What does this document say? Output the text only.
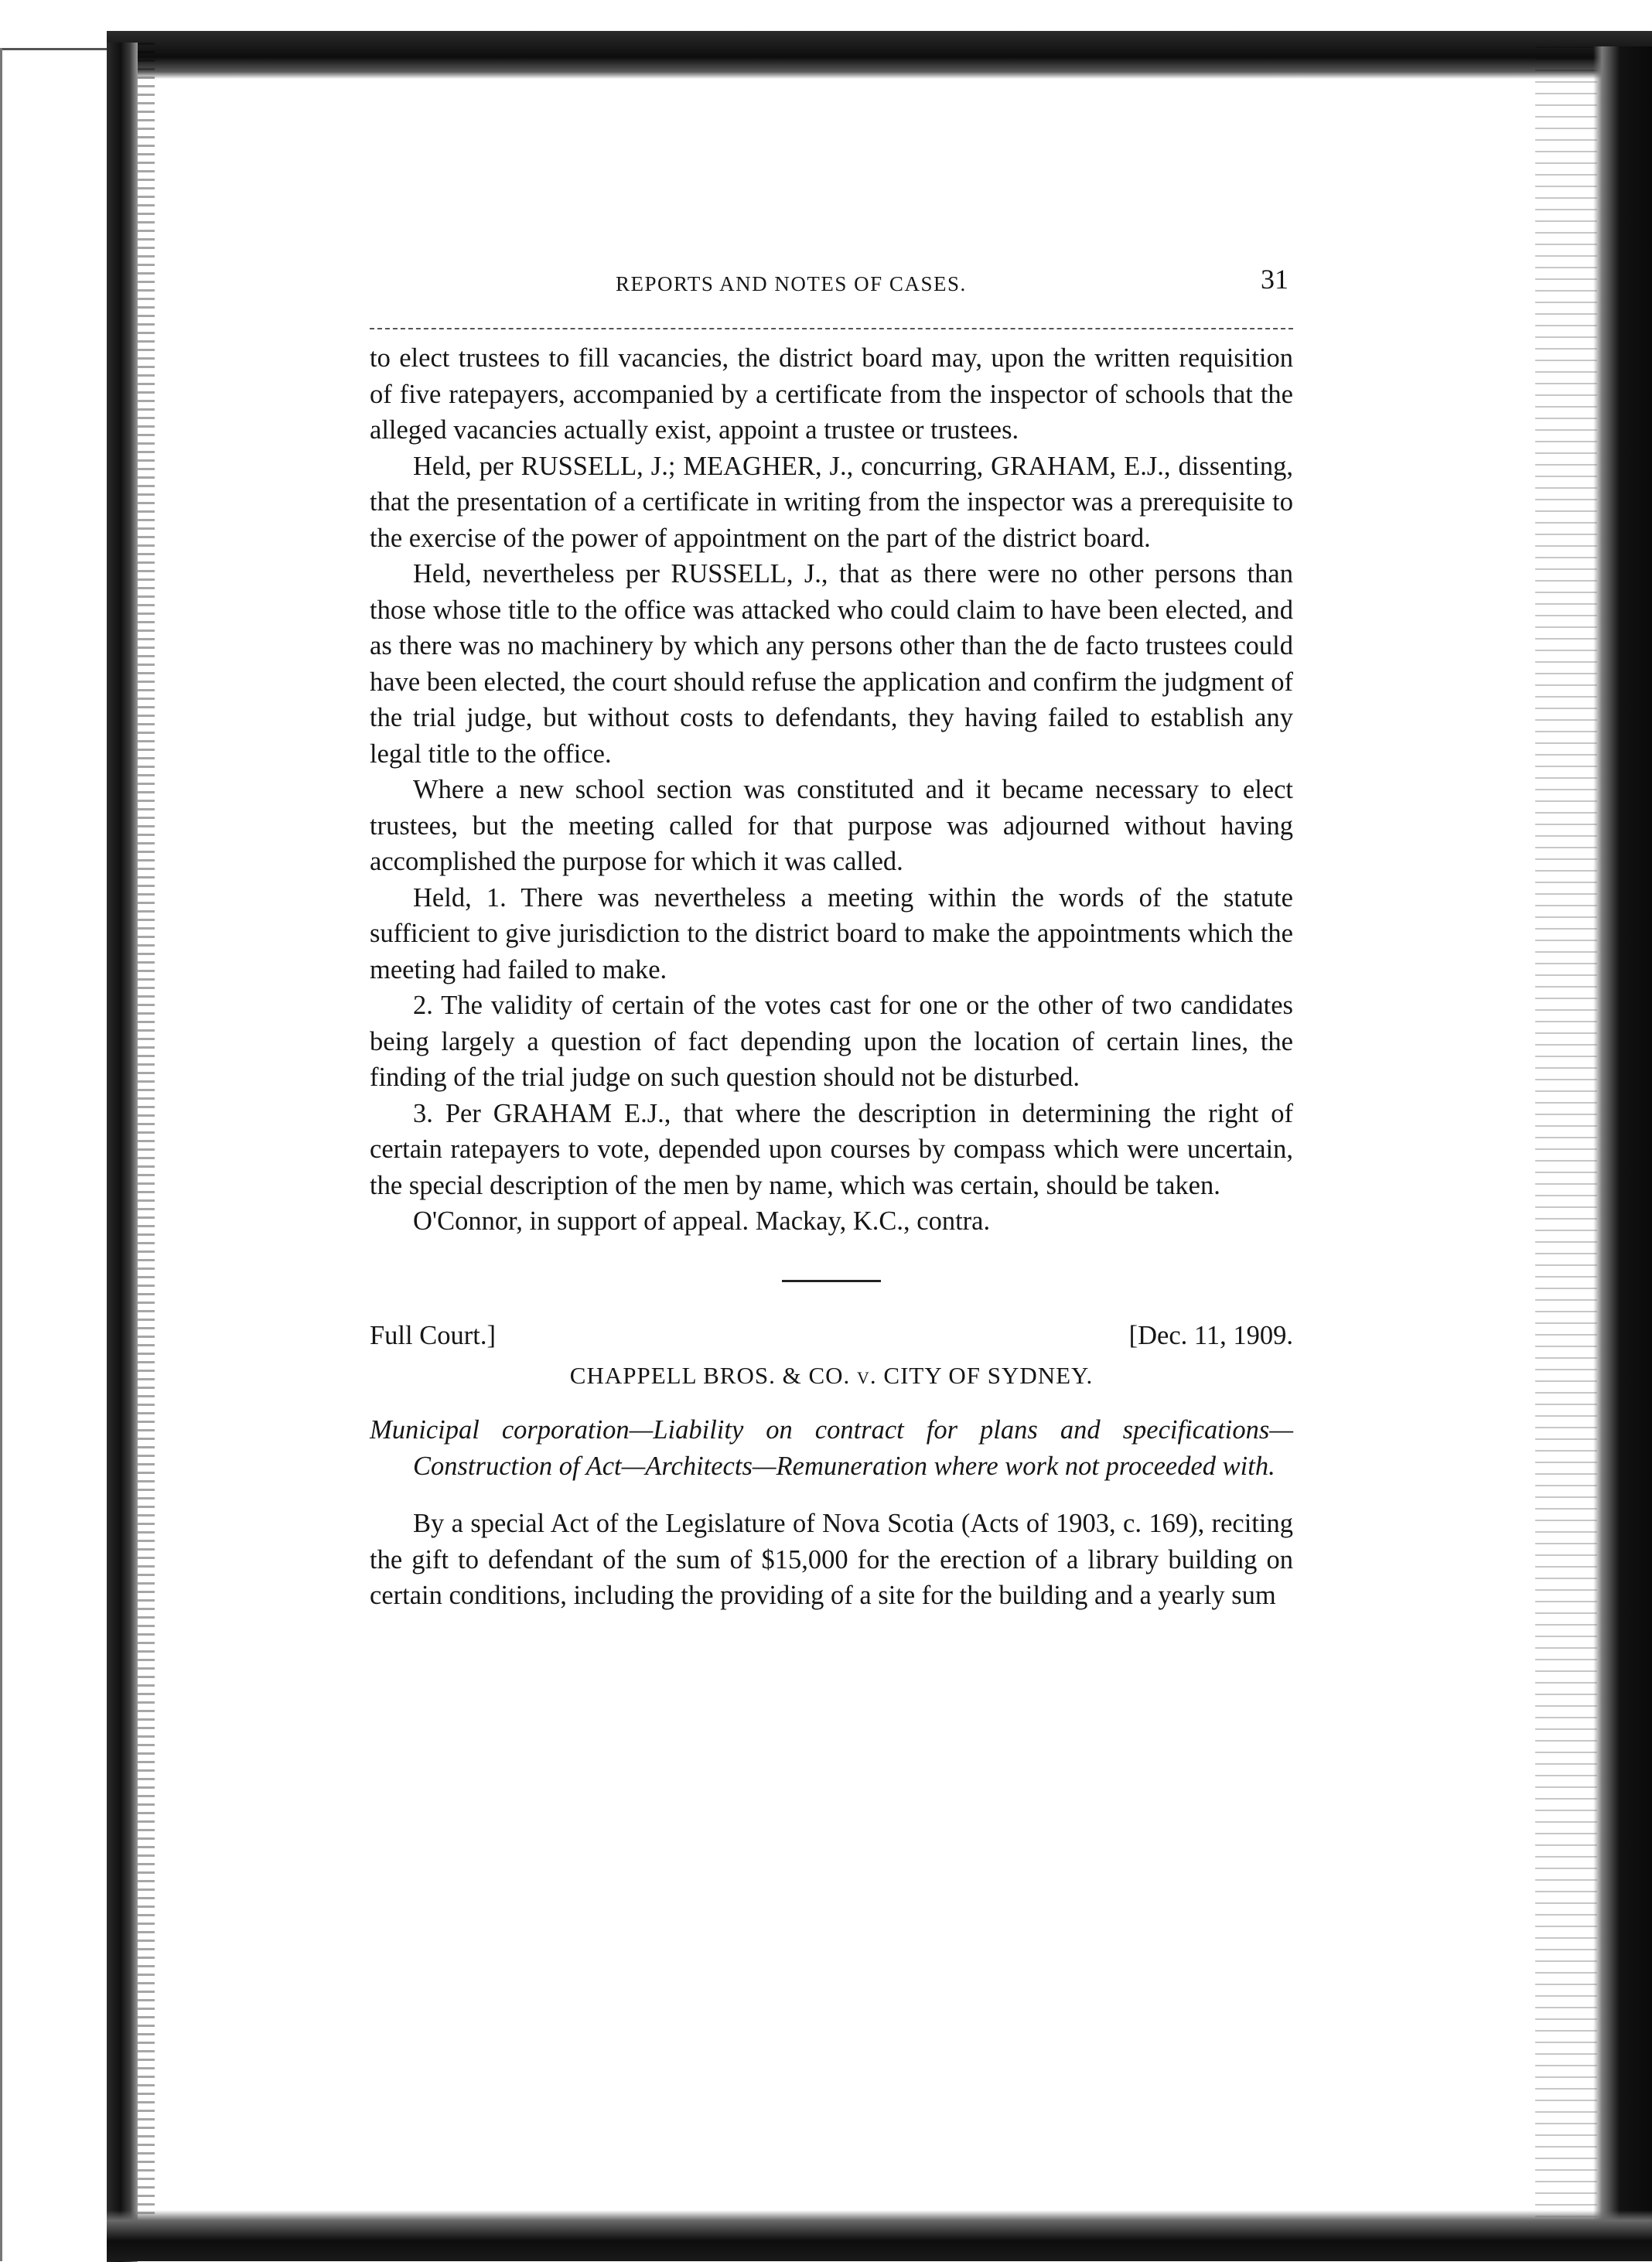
REPORTS AND NOTES OF CASES.	31

to elect trustees to fill vacancies, the district board may, upon the written requisition of five ratepayers, accompanied by a certificate from the inspector of schools that the alleged vacancies actually exist, appoint a trustee or trustees.

Held, per RUSSELL, J.; MEAGHER, J., concurring, GRAHAM, E.J., dissenting, that the presentation of a certificate in writing from the inspector was a prerequisite to the exercise of the power of appointment on the part of the district board.

Held, nevertheless per RUSSELL, J., that as there were no other persons than those whose title to the office was attacked who could claim to have been elected, and as there was no machinery by which any persons other than the de facto trustees could have been elected, the court should refuse the application and confirm the judgment of the trial judge, but without costs to defendants, they having failed to establish any legal title to the office.

Where a new school section was constituted and it became necessary to elect trustees, but the meeting called for that purpose was adjourned without having accomplished the purpose for which it was called.

Held, 1. There was nevertheless a meeting within the words of the statute sufficient to give jurisdiction to the district board to make the appointments which the meeting had failed to make.

2. The validity of certain of the votes cast for one or the other of two candidates being largely a question of fact depending upon the location of certain lines, the finding of the trial judge on such question should not be disturbed.

3. Per GRAHAM E.J., that where the description in determining the right of certain ratepayers to vote, depended upon courses by compass which were uncertain, the special description of the men by name, which was certain, should be taken.

O'Connor, in support of appeal. Mackay, K.C., contra.

Full Court.]	[Dec. 11, 1909.
CHAPPELL BROS. & CO. v. CITY OF SYDNEY.
Municipal corporation—Liability on contract for plans and specifications—Construction of Act—Architects—Remuneration where work not proceeded with.

By a special Act of the Legislature of Nova Scotia (Acts of 1903, c. 169), reciting the gift to defendant of the sum of $15,000 for the erection of a library building on certain conditions, including the providing of a site for the building and a yearly sum
